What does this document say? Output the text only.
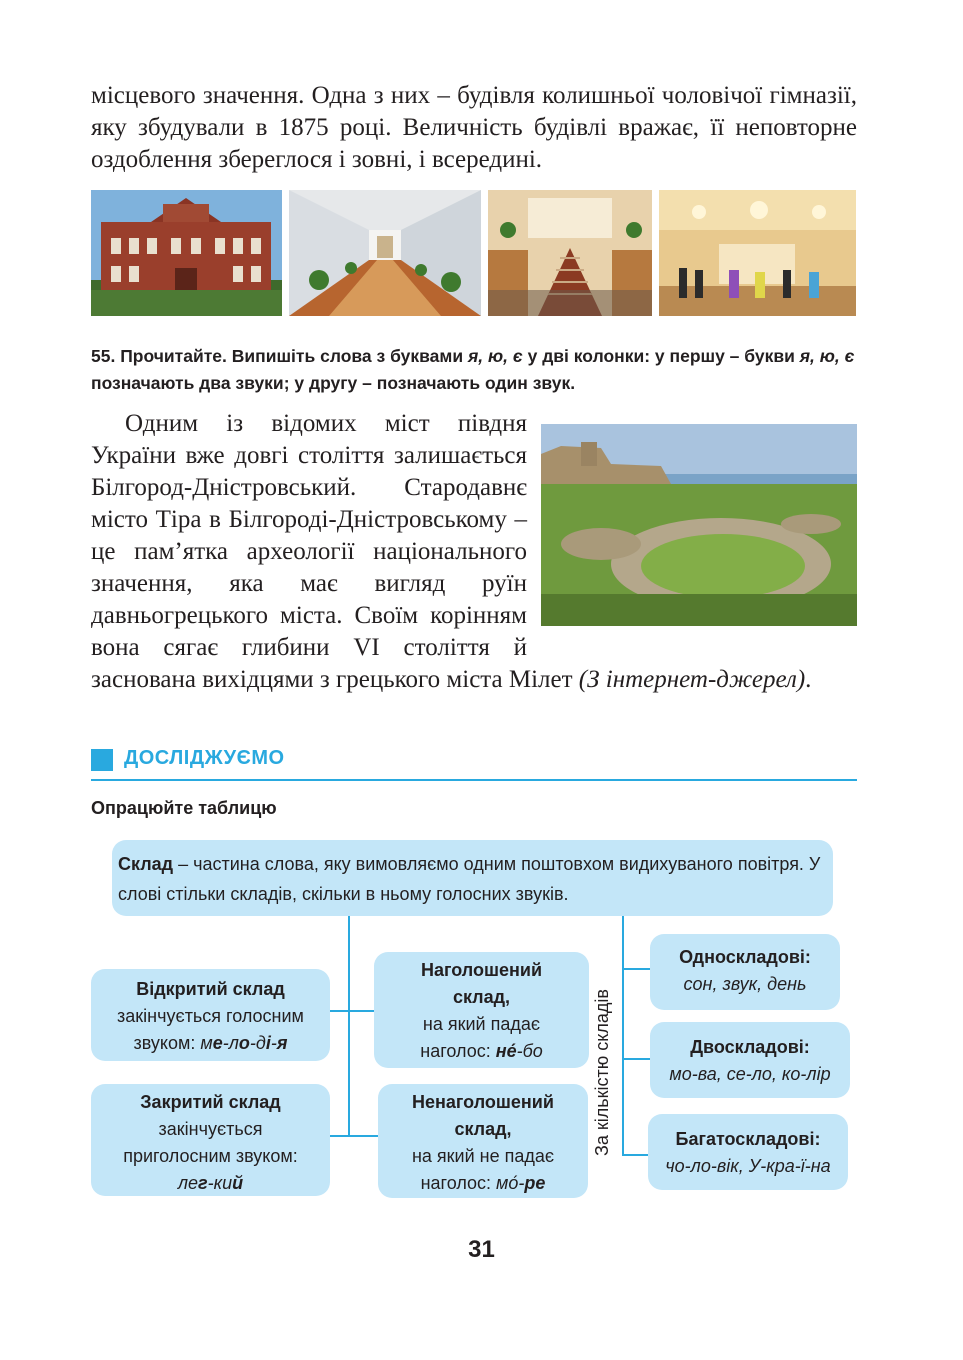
місцевого значення. Одна з них – будівля колишньої чоловічої гімназії, яку збудували в 1875 році. Величність будівлі вражає, її неповторне оздоблення збереглося і зовні, і всередині.

55. Прочитайте. Випишіть слова з буквами я, ю, є у дві колонки: у першу – букви я, ю, є позначають два звуки; у другу – позначають один звук.

Одним із відомих міст півдня України вже довгі століття залишається Білгород-Дністровський. Стародавнє місто Тіра в Білгороді-Дністровському – це пам’ятка археології національного значення, яка має вигляд руїн давньогрецького міста. Своїм корінням вона сягає глибини VI століття й заснована вихідцями з грецького міста Мілет (З інтернет-джерел).

ДОСЛІДЖУЄМО
Опрацюйте таблицю
Склад – частина слова, яку вимовляємо одним поштовхом видихуваного повітря. У слові стільки складів, скільки в ньому голосних звуків.
Відкритий склад
закінчується голосним
звуком: ме-ло-ді-я
Закритий склад
закінчується
приголосним звуком:
лег-кий
Наголошений
склад,
на який падає
наголос: не́-бо
Ненаголошений
склад,
на який не падає
наголос: мо́-ре
За кількістю складів
Односкладові:
сон, звук, день
Двоскладові:
мо-ва, се-ло, ко-лір
Багатоскладові:
чо-ло-вік, У-кра-ї-на
31
